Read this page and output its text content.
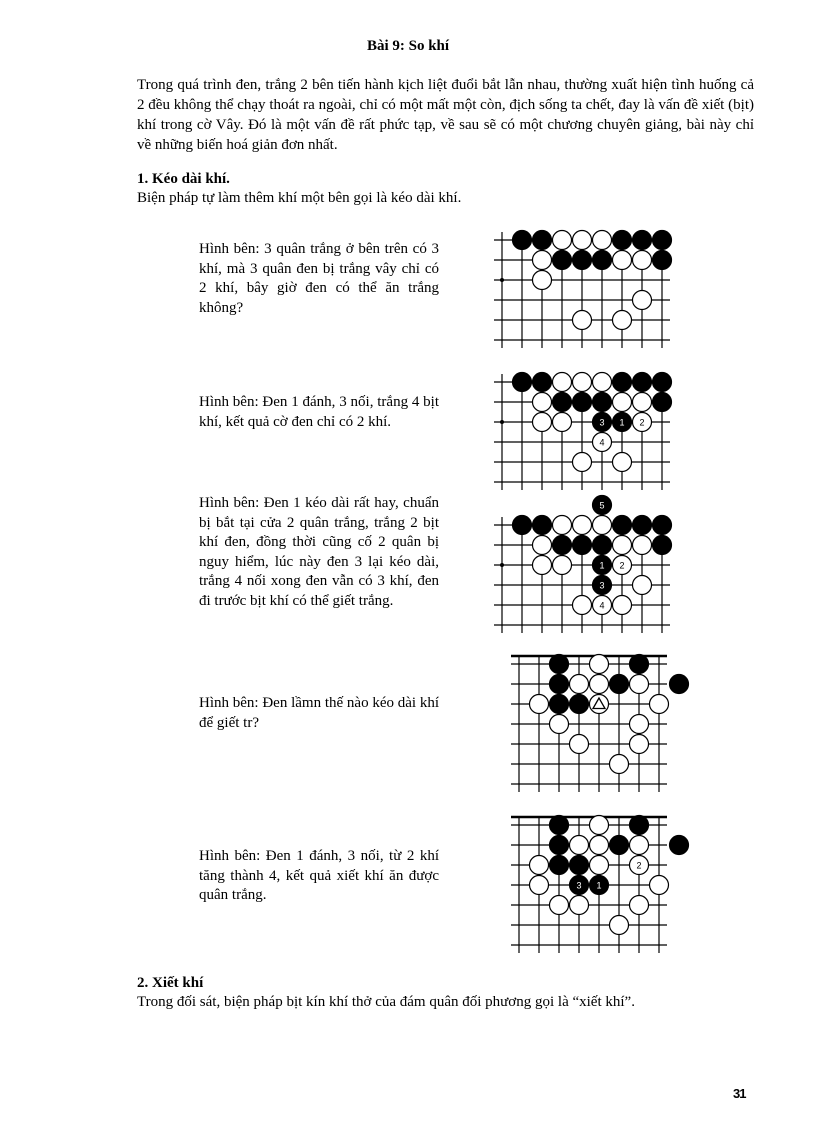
Bài 9: So khí

Trong quá trình đen, trắng 2 bên tiến hành kịch liệt đuổi bắt lẫn nhau, thường xuất hiện tình huống cả 2 đều không thể chạy thoát ra ngoài, chỉ có một mất một còn, địch sống ta chết, đay là vấn đề xiết (bịt) khí trong cờ Vây. Đó là một vấn đề rất phức tạp, về sau sẽ có một chương chuyên giảng, bài này chỉ về những biến hoá giản đơn nhất.

1. Kéo dài khí.
Biện pháp tự làm thêm khí một bên gọi là kéo dài khí.

Hình bên: 3 quân trắng ở bên trên có 3 khí, mà 3 quân đen bị trắng vây chỉ có 2 khí, bây giờ đen có thể ăn trắng không?

Hình bên: Đen 1 đánh, 3 nối, trắng 4 bịt khí, kết quả cờ đen chỉ có 2 khí.	3 1 2
4

Hình bên: Đen 1 kéo dài rất hay, chuẩn bị bắt tại cửa 2 quân trắng, trắng 2 bịt khí đen, đồng thời cũng cố 2 quân bị nguy hiểm, lúc này đen 3 lại kéo dài, trắng 4 nối xong đen vẫn có 3 khí, đen đi trước bịt khí có thể giết trắng.

5
1 2
3
4

Hình bên: Đen lầmn thế nào kéo dài khí để giết tr?

Hình bên: Đen 1 đánh, 3 nối, từ 2 khí tăng thành 4, kết quả xiết khí ăn được quân trắng.

2
3 1
2. Xiết khí
Trong đối sát, biện pháp bịt kín khí thở của đám quân đối phương gọi là “xiết khí”.
31
